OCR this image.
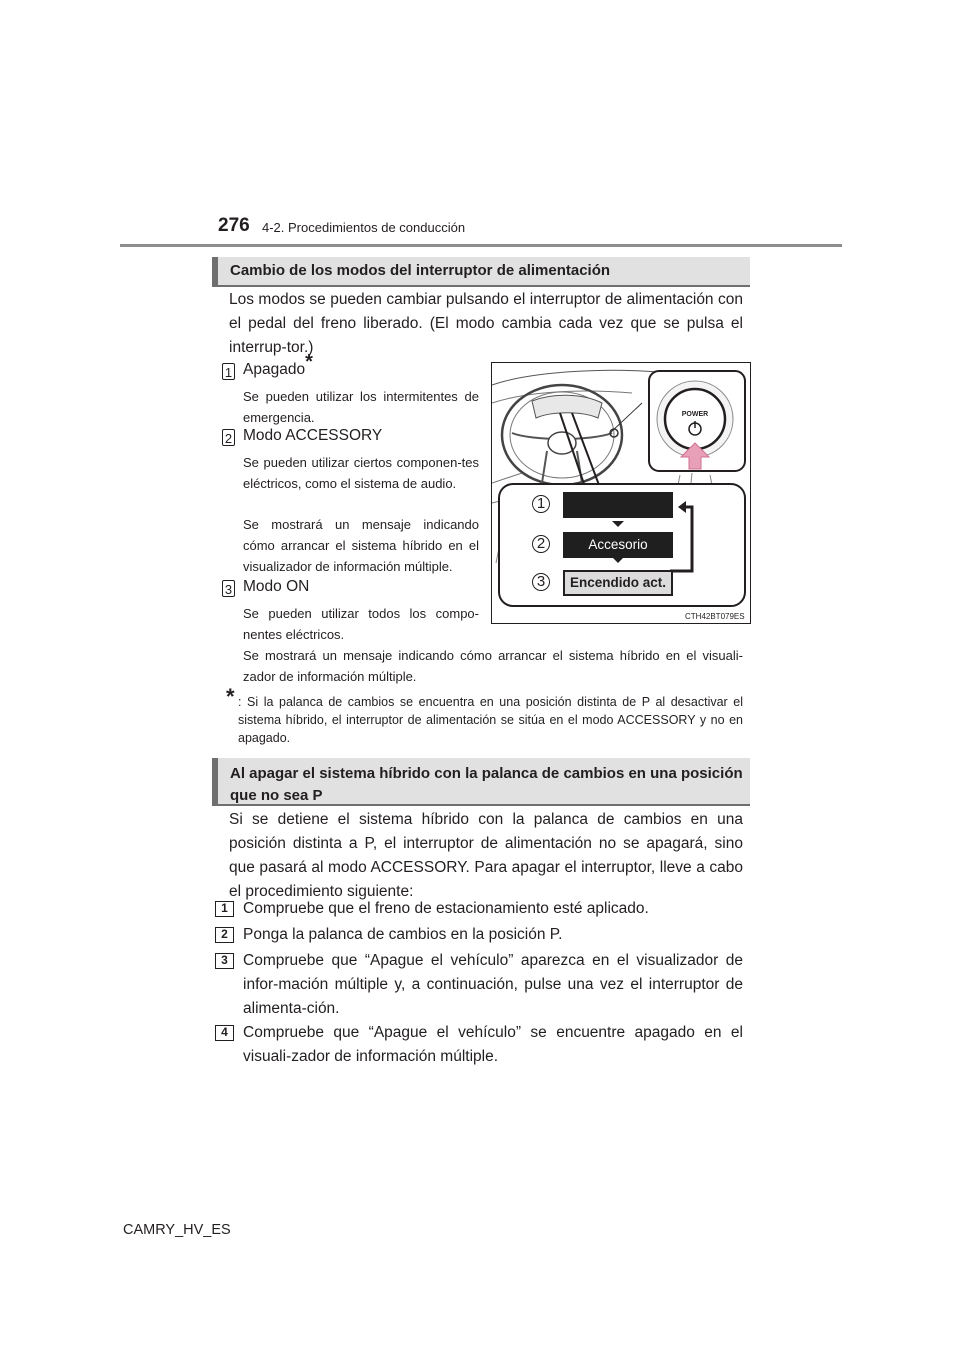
276 4-2. Procedimientos de conducción
Cambio de los modos del interruptor de alimentación
Los modos se pueden cambiar pulsando el interruptor de alimentación con el pedal del freno liberado. (El modo cambia cada vez que se pulsa el interrup-tor.)
1 Apagado*
Se pueden utilizar los intermitentes de emergencia.
2 Modo ACCESSORY
Se pueden utilizar ciertos componen-tes eléctricos, como el sistema de audio.
Se mostrará un mensaje indicando cómo arrancar el sistema híbrido en el visualizador de información múltiple.
3 Modo ON
Se pueden utilizar todos los compo-nentes eléctricos.
Se mostrará un mensaje indicando cómo arrancar el sistema híbrido en el visuali-zador de información múltiple.
* : Si la palanca de cambios se encuentra en una posición distinta de P al desactivar el sistema híbrido, el interruptor de alimentación se sitúa en el modo ACCESSORY y no en apagado.
1
2	Accesorio
3	Encendido act.
POWER
CTH42BT079ES
Al apagar el sistema híbrido con la palanca de cambios en una posición que no sea P
Si se detiene el sistema híbrido con la palanca de cambios en una posición distinta a P, el interruptor de alimentación no se apagará, sino que pasará al modo ACCESSORY. Para apagar el interruptor, lleve a cabo el procedimiento siguiente:
1 Compruebe que el freno de estacionamiento esté aplicado.
2 Ponga la palanca de cambios en la posición P.
3 Compruebe que “Apague el vehículo” aparezca en el visualizador de infor-mación múltiple y, a continuación, pulse una vez el interruptor de alimenta-ción.
4 Compruebe que “Apague el vehículo” se encuentre apagado en el visuali-zador de información múltiple.
CAMRY_HV_ES
